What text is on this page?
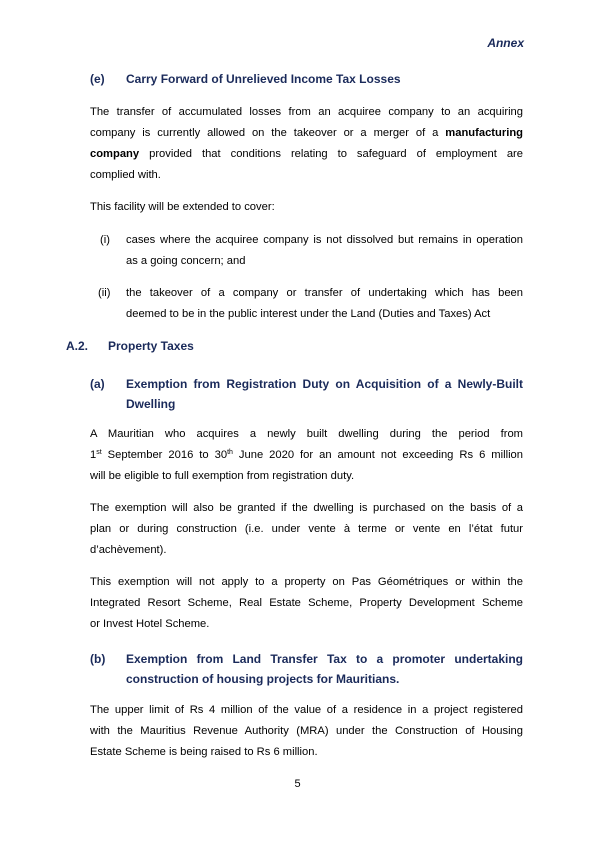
Annex
(e) Carry Forward of Unrelieved Income Tax Losses
The transfer of accumulated losses from an acquiree company to an acquiring
company is currently allowed on the takeover or a merger of a manufacturing
company provided that conditions relating to safeguard of employment are
complied with.
This facility will be extended to cover:
(i) cases where the acquiree company is not dissolved but remains in operation
as a going concern; and
(ii) the takeover of a company or transfer of undertaking which has been
deemed to be in the public interest under the Land (Duties and Taxes) Act
A.2. Property Taxes
(a) Exemption from Registration Duty on Acquisition of a Newly-Built
Dwelling
A Mauritian who acquires a newly built dwelling during the period from
1st September 2016 to 30th June 2020 for an amount not exceeding Rs 6 million
will be eligible to full exemption from registration duty.
The exemption will also be granted if the dwelling is purchased on the basis of a
plan or during construction (i.e. under vente à terme or vente en l’état futur
d’achèvement).
This exemption will not apply to a property on Pas Géométriques or within the
Integrated Resort Scheme, Real Estate Scheme, Property Development Scheme
or Invest Hotel Scheme.
(b) Exemption from Land Transfer Tax to a promoter undertaking
construction of housing projects for Mauritians.
The upper limit of Rs 4 million of the value of a residence in a project registered
with the Mauritius Revenue Authority (MRA) under the Construction of Housing
Estate Scheme is being raised to Rs 6 million.
5
